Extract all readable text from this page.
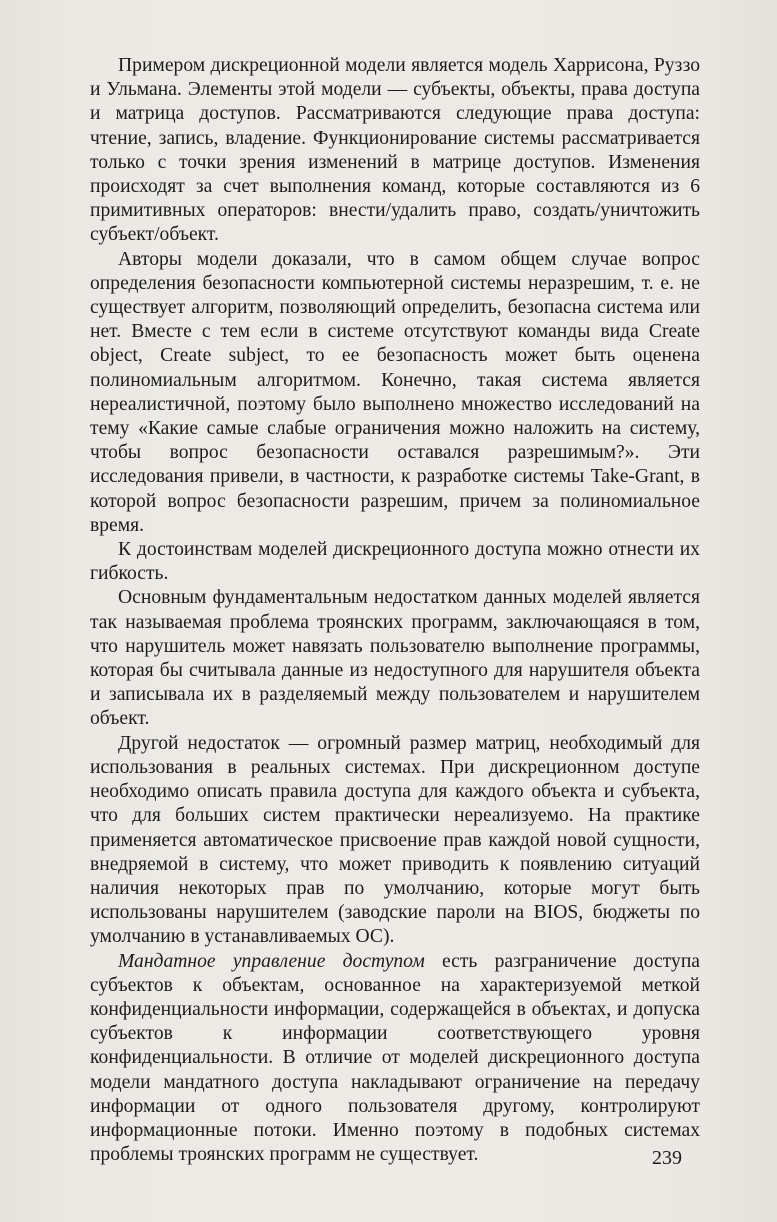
Примером дискреционной модели является модель Харрисона, Руззо и Ульмана. Элементы этой модели — субъекты, объекты, права доступа и матрица доступов. Рассматриваются следующие права доступа: чтение, запись, владение. Функционирование системы рассматривается только с точки зрения изменений в матрице доступов. Изменения происходят за счет выполнения команд, которые составляются из 6 примитивных операторов: внести/удалить право, создать/уничтожить субъект/объект.

Авторы модели доказали, что в самом общем случае вопрос определения безопасности компьютерной системы неразрешим, т. е. не существует алгоритм, позволяющий определить, безопасна система или нет. Вместе с тем если в системе отсутствуют команды вида Create object, Create subject, то ее безопасность может быть оценена полиномиальным алгоритмом. Конечно, такая система является нереалистичной, поэтому было выполнено множество исследований на тему «Какие самые слабые ограничения можно наложить на систему, чтобы вопрос безопасности оставался разрешимым?». Эти исследования привели, в частности, к разработке системы Take-Grant, в которой вопрос безопасности разрешим, причем за полиномиальное время.

К достоинствам моделей дискреционного доступа можно отнести их гибкость.

Основным фундаментальным недостатком данных моделей является так называемая проблема троянских программ, заключающаяся в том, что нарушитель может навязать пользователю выполнение программы, которая бы считывала данные из недоступного для нарушителя объекта и записывала их в разделяемый между пользователем и нарушителем объект.

Другой недостаток — огромный размер матриц, необходимый для использования в реальных системах. При дискреционном доступе необходимо описать правила доступа для каждого объекта и субъекта, что для больших систем практически нереализуемо. На практике применяется автоматическое присвоение прав каждой новой сущности, внедряемой в систему, что может приводить к появлению ситуаций наличия некоторых прав по умолчанию, которые могут быть использованы нарушителем (заводские пароли на BIOS, бюджеты по умолчанию в устанавливаемых ОС).

Мандатное управление доступом есть разграничение доступа субъектов к объектам, основанное на характеризуемой меткой конфиденциальности информации, содержащейся в объектах, и допуска субъектов к информации соответствующего уровня конфиденциальности. В отличие от моделей дискреционного доступа модели мандатного доступа накладывают ограничение на передачу информации от одного пользователя другому, контролируют информационные потоки. Именно поэтому в подобных системах проблемы троянских программ не существует.	239
